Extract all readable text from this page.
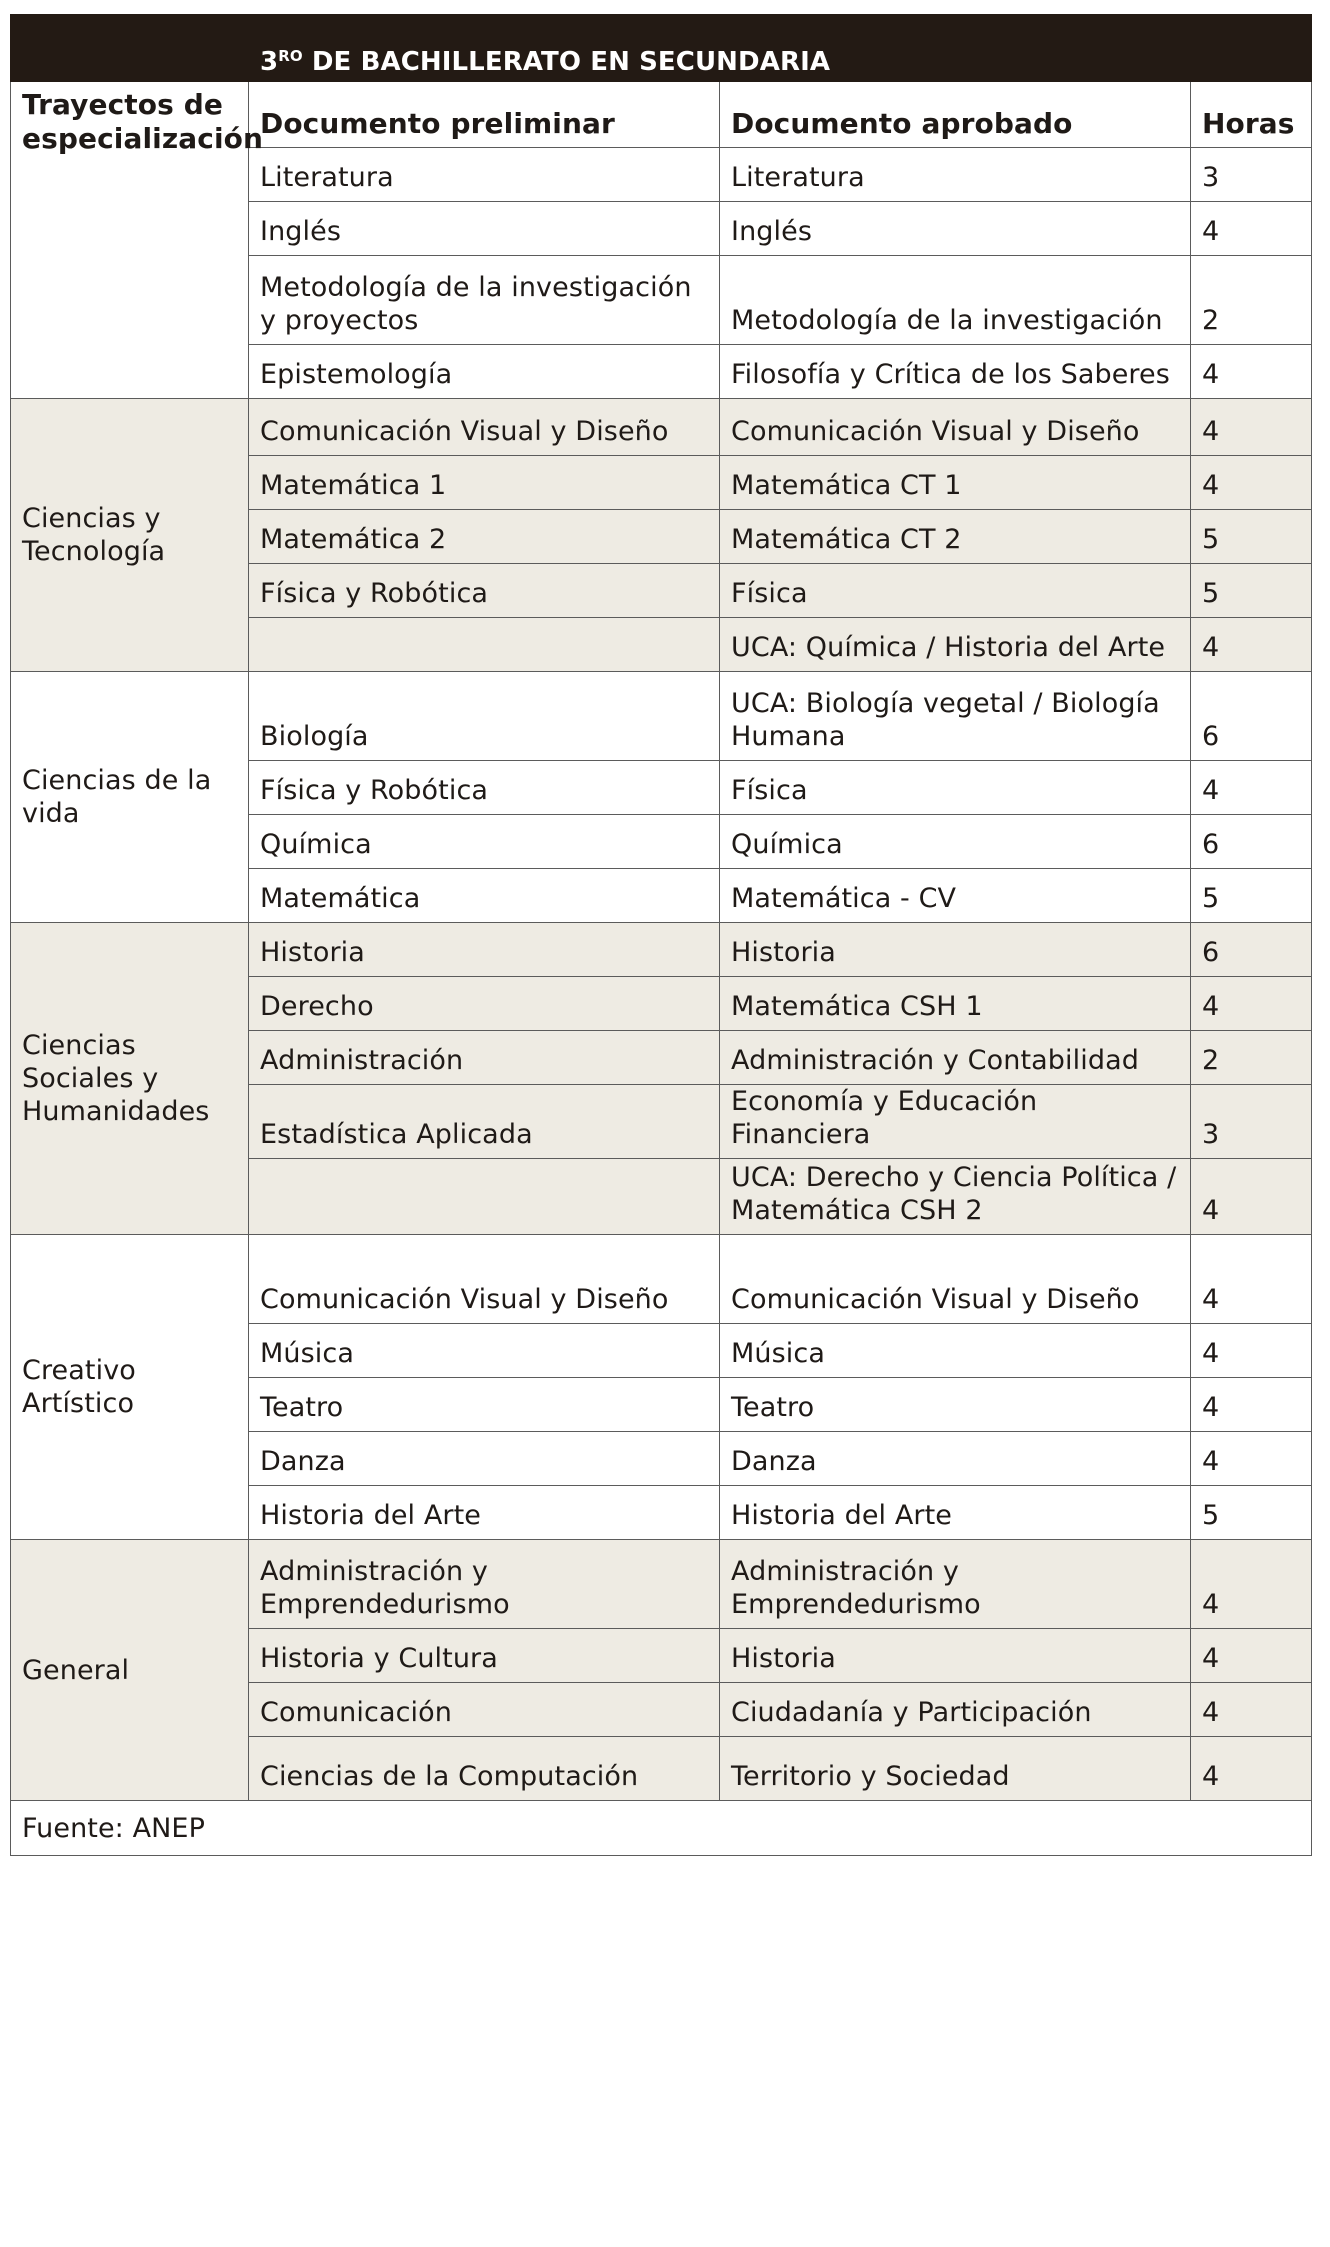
	$3^{RO}$ DE BACHILLERATO EN SECUNDARIA		
Trayectos de especialización	Documento preliminar	Documento aprobado	Horas
	Literatura	Literatura	3
	Inglés	Inglés	4
	Metodología de la investigación y proyectos	Metodología de la investigación	2
	Epistemología	Filosofía y Crítica de los Saberes	4
Ciencias y Tecnología	Comunicación Visual y Diseño	Comunicación Visual y Diseño	4
	Matemática 1	Matemática CT 1	4
	Matemática 2	Matemática CT 2	5
	Física y Robótica	Física	5
		UCA: Química / Historia del Arte	4
Ciencias de la vida	Biología	UCA: Biología vegetal / Biología Humana	6
	Física y Robótica	Física	4
	Química	Química	6
	Matemática	Matemática - CV	5
Ciencias Sociales y Humanidades	Historia	Historia	6
	Derecho	Matemática CSH 1	4
	Administración	Administración y Contabilidad	2
	Estadística Aplicada	Economía y Educación Financiera	3
		UCA: Derecho y Ciencia Política / Matemática CSH 2	4
Creativo Artístico	Comunicación Visual y Diseño	Comunicación Visual y Diseño	4
	Música	Música	4
	Teatro	Teatro	4
	Danza	Danza	4
	Historia del Arte	Historia del Arte	5
General	Administración y Emprendedurismo	Administración y Emprendedurismo	4
	Historia y Cultura	Historia	4
	Comunicación	Ciudadanía y Participación	4
	Ciencias de la Computación	Territorio y Sociedad	4
Fuente: ANEP			
